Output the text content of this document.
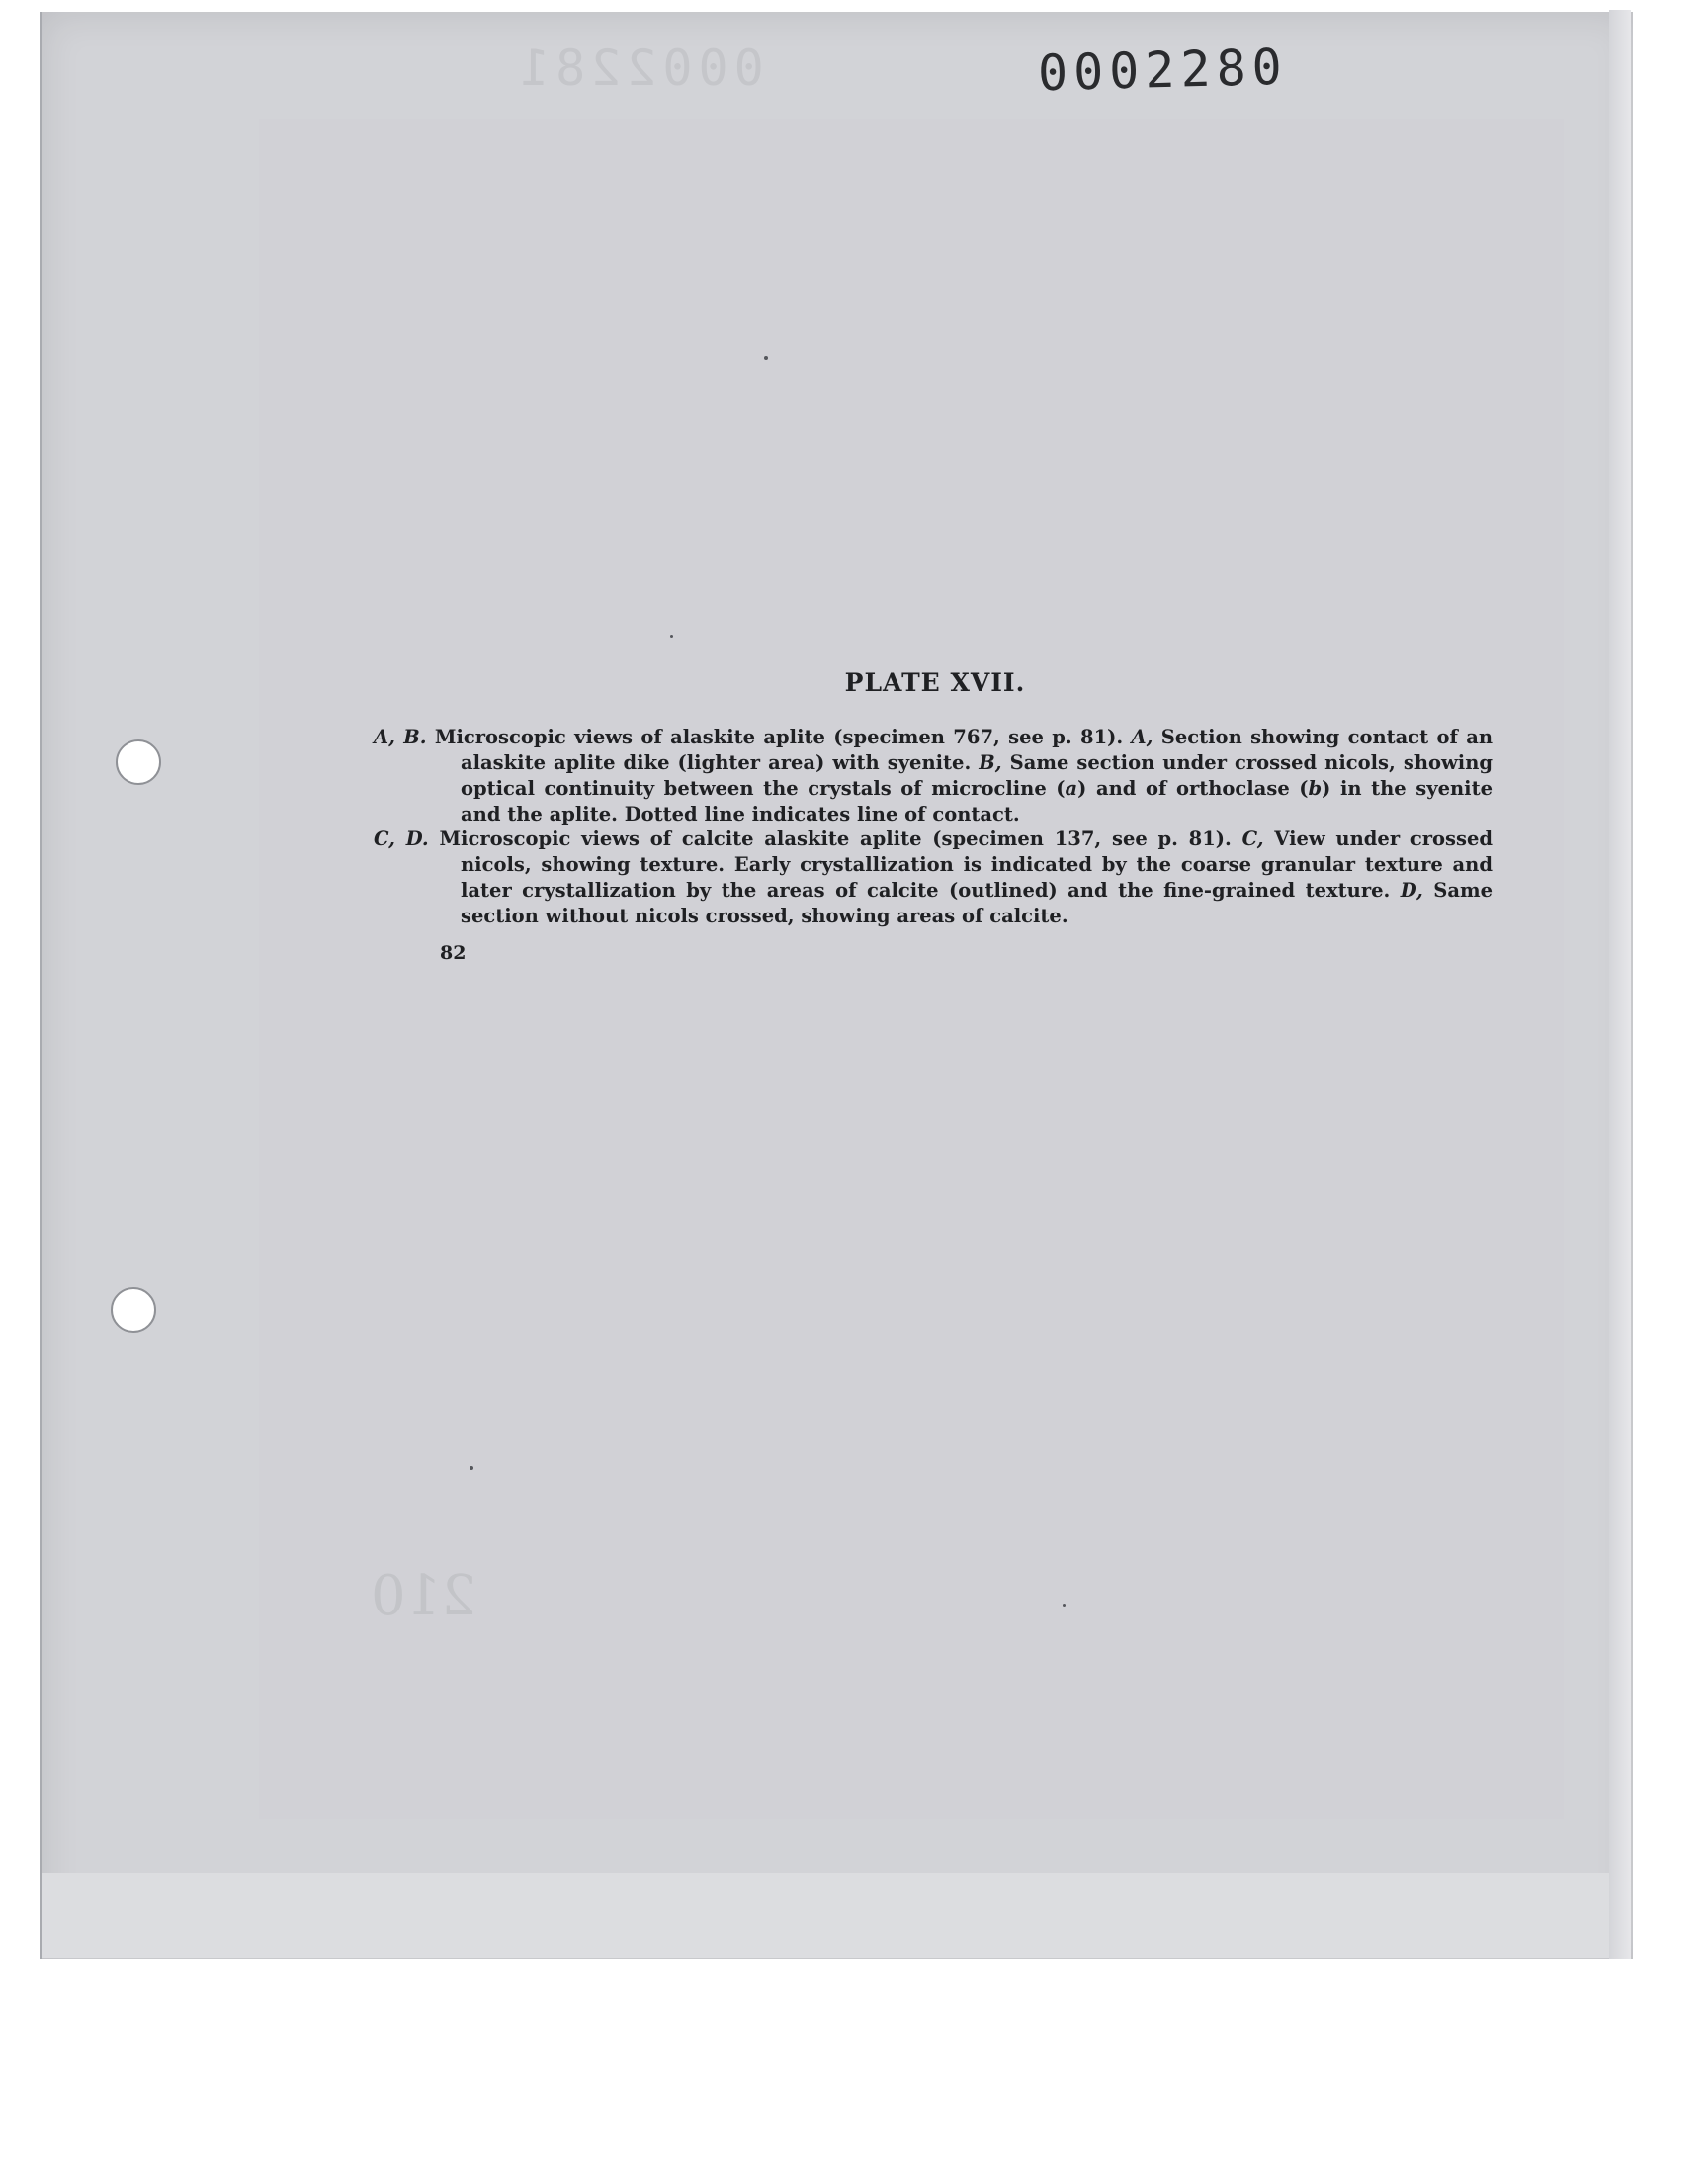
0002281
210
0002280
PLATE XVII.

A, B. Microscopic views of alaskite aplite (specimen 767, see p. 81). A, Section showing contact of an alaskite aplite dike (lighter area) with syenite. B, Same section under crossed nicols, showing optical continuity between the crystals of microcline (a) and of orthoclase (b) in the syenite and the aplite. Dotted line indicates line of contact.

C, D. Microscopic views of calcite alaskite aplite (specimen 137, see p. 81). C, View under crossed nicols, showing texture. Early crystallization is indicated by the coarse granular texture and later crystallization by the areas of calcite (outlined) and the fine-grained texture. D, Same section without nicols crossed, showing areas of calcite.

82
